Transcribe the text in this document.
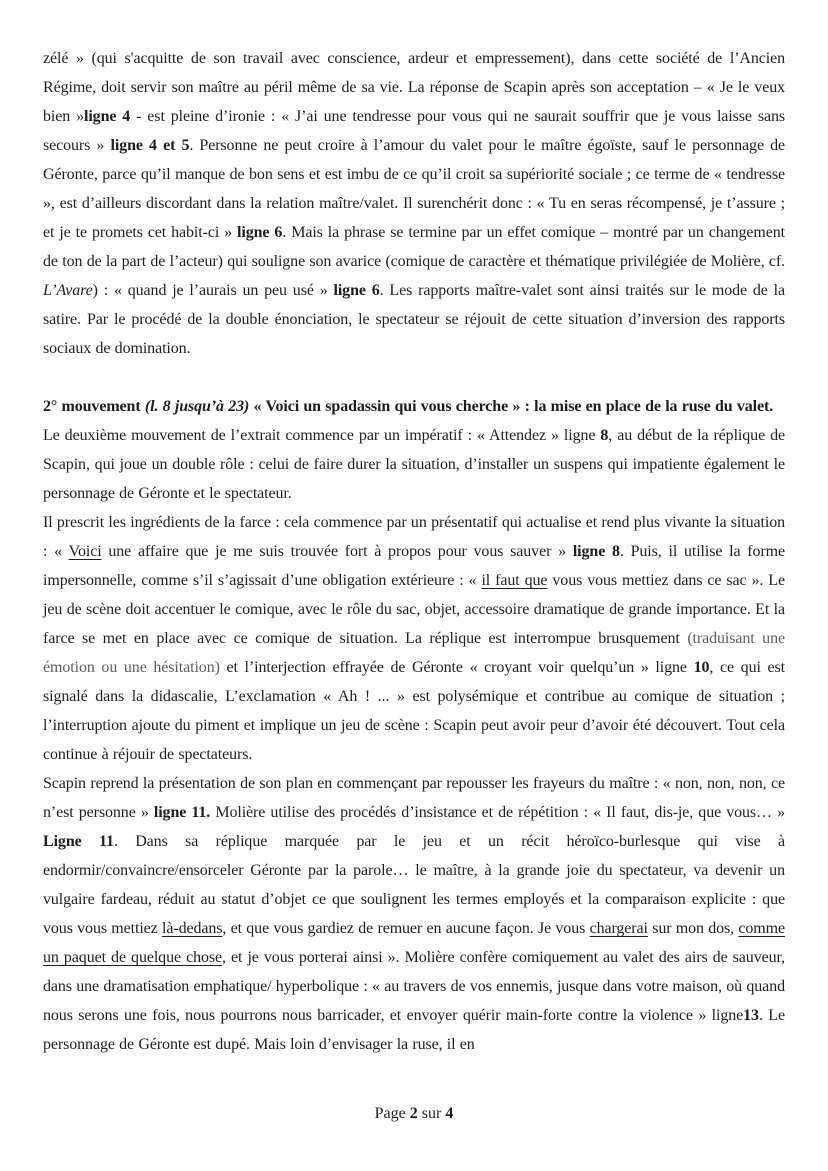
zélé » (qui s'acquitte de son travail avec conscience, ardeur et empressement), dans cette société de l’Ancien Régime, doit servir son maître au péril même de sa vie. La réponse de Scapin après son acceptation – « Je le veux bien »ligne 4 - est pleine d’ironie : « J’ai une tendresse pour vous qui ne saurait souffrir que je vous laisse sans secours » ligne 4 et 5. Personne ne peut croire à l’amour du valet pour le maître égoïste, sauf le personnage de Géronte, parce qu’il manque de bon sens et est imbu de ce qu’il croit sa supériorité sociale ; ce terme de « tendresse », est d’ailleurs discordant dans la relation maître/valet. Il surenchérit donc : « Tu en seras récompensé, je t’assure ; et je te promets cet habit-ci » ligne 6. Mais la phrase se termine par un effet comique – montré par un changement de ton de la part de l’acteur) qui souligne son avarice (comique de caractère et thématique privilégiée de Molière, cf. L’Avare) : « quand je l’aurais un peu usé » ligne 6. Les rapports maître-valet sont ainsi traités sur le mode de la satire. Par le procédé de la double énonciation, le spectateur se réjouit de cette situation d’inversion des rapports sociaux de domination.

2° mouvement (l. 8 jusqu’à 23) « Voici un spadassin qui vous cherche » : la mise en place de la ruse du valet.

Le deuxième mouvement de l’extrait commence par un impératif : « Attendez » ligne 8, au début de la réplique de Scapin, qui joue un double rôle : celui de faire durer la situation, d’installer un suspens qui impatiente également le personnage de Géronte et le spectateur.

Il prescrit les ingrédients de la farce : cela commence par un présentatif qui actualise et rend plus vivante la situation : « Voici une affaire que je me suis trouvée fort à propos pour vous sauver » ligne 8. Puis, il utilise la forme impersonnelle, comme s’il s’agissait d’une obligation extérieure : « il faut que vous vous mettiez dans ce sac ». Le jeu de scène doit accentuer le comique, avec le rôle du sac, objet, accessoire dramatique de grande importance. Et la farce se met en place avec ce comique de situation. La réplique est interrompue brusquement (traduisant une émotion ou une hésitation) et l’interjection effrayée de Géronte « croyant voir quelqu’un » ligne 10, ce qui est signalé dans la didascalie, L’exclamation « Ah ! ... » est polysémique et contribue au comique de situation ; l’interruption ajoute du piment et implique un jeu de scène : Scapin peut avoir peur d’avoir été découvert. Tout cela continue à réjouir de spectateurs.

Scapin reprend la présentation de son plan en commençant par repousser les frayeurs du maître : « non, non, non, ce n’est personne » ligne 11. Molière utilise des procédés d’insistance et de répétition : « Il faut, dis-je, que vous… » Ligne 11. Dans sa réplique marquée par le jeu et un récit héroïco-burlesque qui vise à endormir/convaincre/ensorceler Géronte par la parole… le maître, à la grande joie du spectateur, va devenir un vulgaire fardeau, réduit au statut d’objet ce que soulignent les termes employés et la comparaison explicite : que vous vous mettiez là-dedans, et que vous gardiez de remuer en aucune façon. Je vous chargerai sur mon dos, comme un paquet de quelque chose, et je vous porterai ainsi ». Molière confère comiquement au valet des airs de sauveur, dans une dramatisation emphatique/ hyperbolique : « au travers de vos ennemis, jusque dans votre maison, où quand nous serons une fois, nous pourrons nous barricader, et envoyer quérir main-forte contre la violence » ligne13. Le personnage de Géronte est dupé. Mais loin d’envisager la ruse, il en

Page 2 sur 4
